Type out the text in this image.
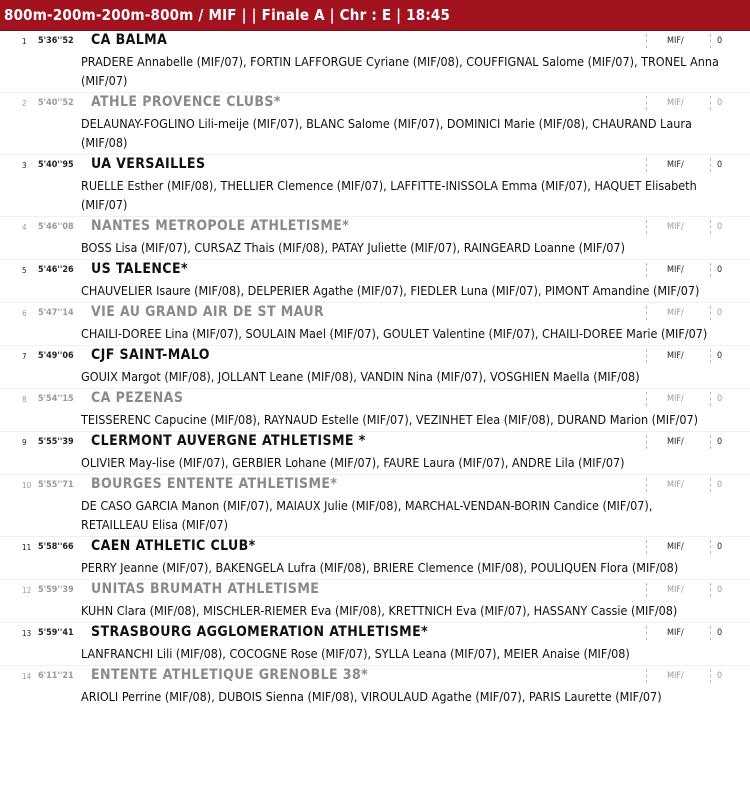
800m-200m-200m-800m / MIF | | Finale A | Chr : E | 18:45
1 5'36''52 CA BALMA	MIF/	0
PRADERE Annabelle (MIF/07), FORTIN LAFFORGUE Cyriane (MIF/08), COUFFIGNAL Salome (MIF/07), TRONEL Anna (MIF/07)
2 5'40''52 ATHLE PROVENCE CLUBS*	MIF/	0
DELAUNAY-FOGLINO Lili-meije (MIF/07), BLANC Salome (MIF/07), DOMINICI Marie (MIF/08), CHAURAND Laura (MIF/08)
3 5'40''95 UA VERSAILLES	MIF/	0
RUELLE Esther (MIF/08), THELLIER Clemence (MIF/07), LAFFITTE-INISSOLA Emma (MIF/07), HAQUET Elisabeth (MIF/07)
4 5'46''08 NANTES METROPOLE ATHLETISME*	MIF/	0
BOSS Lisa (MIF/07), CURSAZ Thais (MIF/08), PATAY Juliette (MIF/07), RAINGEARD Loanne (MIF/07)
5 5'46''26 US TALENCE*	MIF/	0
CHAUVELIER Isaure (MIF/08), DELPERIER Agathe (MIF/07), FIEDLER Luna (MIF/07), PIMONT Amandine (MIF/07)
6 5'47''14 VIE AU GRAND AIR DE ST MAUR	MIF/	0
CHAILI-DOREE Lina (MIF/07), SOULAIN Mael (MIF/07), GOULET Valentine (MIF/07), CHAILI-DOREE Marie (MIF/07)
7 5'49''06 CJF SAINT-MALO	MIF/	0
GOUIX Margot (MIF/08), JOLLANT Leane (MIF/08), VANDIN Nina (MIF/07), VOSGHIEN Maella (MIF/08)
8 5'54''15 CA PEZENAS	MIF/	0
TEISSERENC Capucine (MIF/08), RAYNAUD Estelle (MIF/07), VEZINHET Elea (MIF/08), DURAND Marion (MIF/07)
9 5'55''39 CLERMONT AUVERGNE ATHLETISME *	MIF/	0
OLIVIER May-lise (MIF/07), GERBIER Lohane (MIF/07), FAURE Laura (MIF/07), ANDRE Lila (MIF/07)
10 5'55''71 BOURGES ENTENTE ATHLETISME*	MIF/	0
DE CASO GARCIA Manon (MIF/07), MAIAUX Julie (MIF/08), MARCHAL-VENDAN-BORIN Candice (MIF/07), RETAILLEAU Elisa (MIF/07)
11 5'58''66 CAEN ATHLETIC CLUB*	MIF/	0
PERRY Jeanne (MIF/07), BAKENGELA Lufra (MIF/08), BRIERE Clemence (MIF/08), POULIQUEN Flora (MIF/08)
12 5'59''39 UNITAS BRUMATH ATHLETISME	MIF/	0
KUHN Clara (MIF/08), MISCHLER-RIEMER Eva (MIF/08), KRETTNICH Eva (MIF/07), HASSANY Cassie (MIF/08)
13 5'59''41 STRASBOURG AGGLOMERATION ATHLETISME*	MIF/	0
LANFRANCHI Lili (MIF/08), COCOGNE Rose (MIF/07), SYLLA Leana (MIF/07), MEIER Anaise (MIF/08)
14 6'11''21 ENTENTE ATHLETIQUE GRENOBLE 38*	MIF/	0
ARIOLI Perrine (MIF/08), DUBOIS Sienna (MIF/08), VIROULAUD Agathe (MIF/07), PARIS Laurette (MIF/07)
